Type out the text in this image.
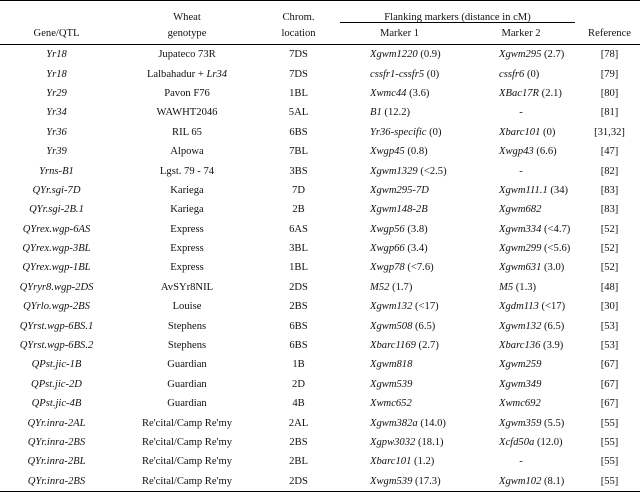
	Wheat	Chrom.	Flanking markers (distance in cM)	

Gene/QTL	genotype	location	Marker 1	Marker 2	Reference
Yr18	Jupateco 73R	7DS	Xgwm1220 (0.9)	Xgwm295 (2.7)	[78]
Yr18	Lalbahadur + Lr34	7DS	cssfr1-cssfr5 (0)	cssfr6 (0)	[79]
Yr29	Pavon F76	1BL	Xwmc44 (3.6)	XBac17R (2.1)	[80]
Yr34	WAWHT2046	5AL	B1 (12.2)	-	[81]
Yr36	RIL 65	6BS	Yr36-specific (0)	Xbarc101 (0)	[31,32]
Yr39	Alpowa	7BL	Xwgp45 (0.8)	Xwgp43 (6.6)	[47]
Yrns-B1	Lgst. 79 - 74	3BS	Xgwm1329 (<2.5)	-	[82]
QYr.sgi-7D	Kariega	7D	Xgwm295-7D	Xgwm111.1 (34)	[83]
QYr.sgi-2B.1	Kariega	2B	Xgwm148-2B	Xgwm682	[83]
QYrex.wgp-6AS	Express	6AS	Xwgp56 (3.8)	Xgwm334 (<4.7)	[52]
QYrex.wgp-3BL	Express	3BL	Xwgp66 (3.4)	Xgwm299 (<5.6)	[52]
QYrex.wgp-1BL	Express	1BL	Xwgp78 (<7.6)	Xgwm631 (3.0)	[52]
QYryr8.wgp-2DS	AvSYr8NIL	2DS	M52 (1.7)	M5 (1.3)	[48]
QYrlo.wgp-2BS	Louise	2BS	Xgwm132 (<17)	Xgdm113 (<17)	[30]
QYrst.wgp-6BS.1	Stephens	6BS	Xgwm508 (6.5)	Xgwm132 (6.5)	[53]
QYrst.wgp-6BS.2	Stephens	6BS	Xbarc1169 (2.7)	Xbarc136 (3.9)	[53]
QPst.jic-1B	Guardian	1B	Xgwm818	Xgwm259	[67]
QPst.jic-2D	Guardian	2D	Xgwm539	Xgwm349	[67]
QPst.jic-4B	Guardian	4B	Xwmc652	Xwmc692	[67]
QYr.inra-2AL	Re'cital/Camp Re'my	2AL	Xgwm382a (14.0)	Xgwm359 (5.5)	[55]
QYr.inra-2BS	Re'cital/Camp Re'my	2BS	Xgpw3032 (18.1)	Xcfd50a (12.0)	[55]
QYr.inra-2BL	Re'cital/Camp Re'my	2BL	Xbarc101 (1.2)	-	[55]
QYr.inra-2BS	Re'cital/Camp Re'my	2DS	Xwgm539 (17.3)	Xgwm102 (8.1)	[55]
